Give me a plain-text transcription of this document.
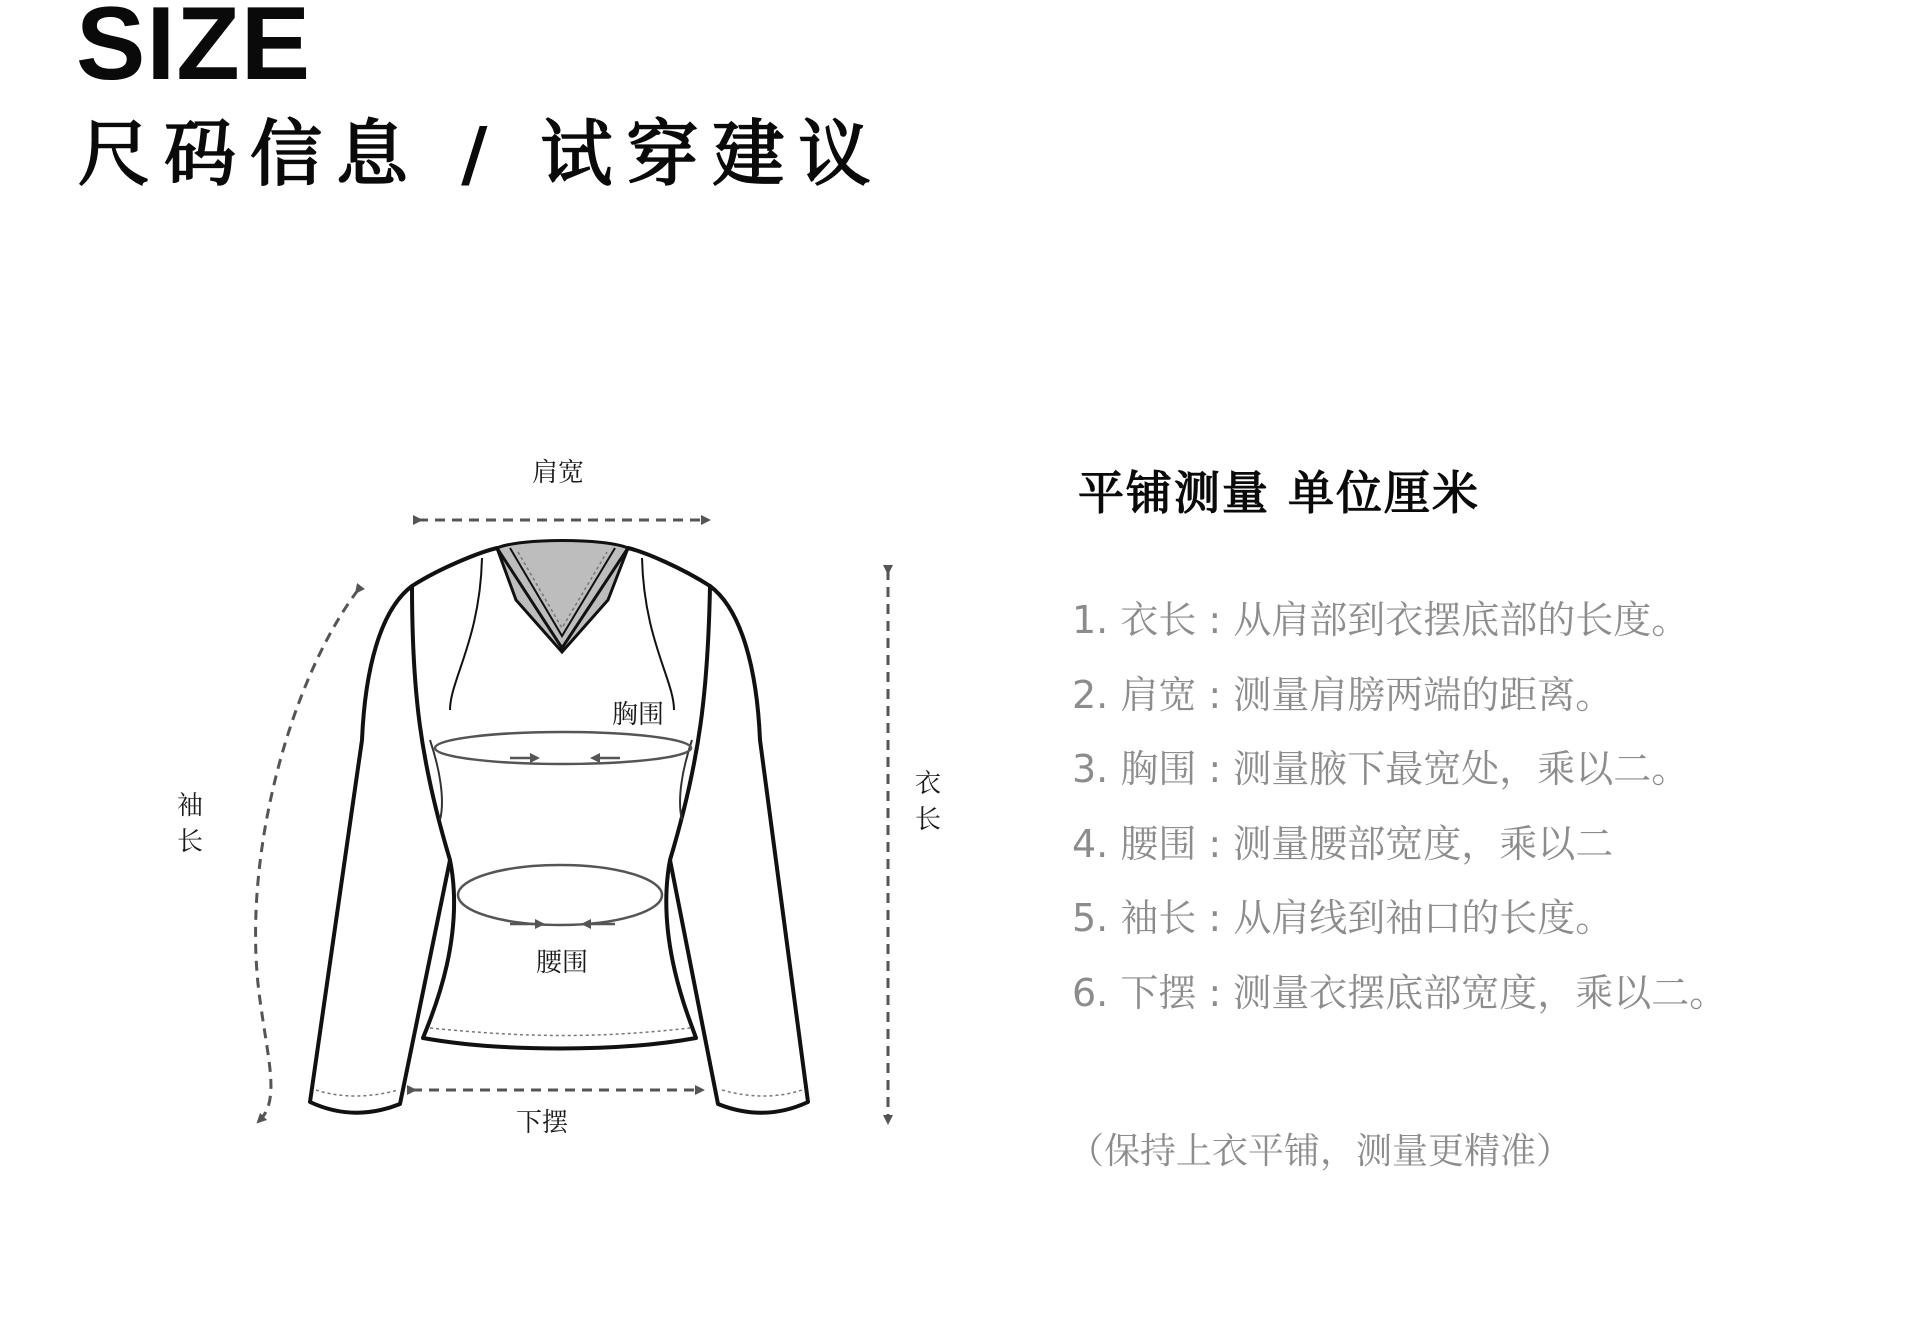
SIZE
尺码信息 / 试穿建议
肩宽
胸围
腰围
下摆
袖长
衣长
平铺测量 单位厘米
1. 衣长 : 从肩部到衣摆底部的长度。
2. 肩宽 : 测量肩膀两端的距离。
3. 胸围 : 测量腋下最宽处，乘以二。
4. 腰围 : 测量腰部宽度，乘以二
5. 袖长 : 从肩线到袖口的长度。
6. 下摆 : 测量衣摆底部宽度，乘以二。
（保持上衣平铺，测量更精准）
